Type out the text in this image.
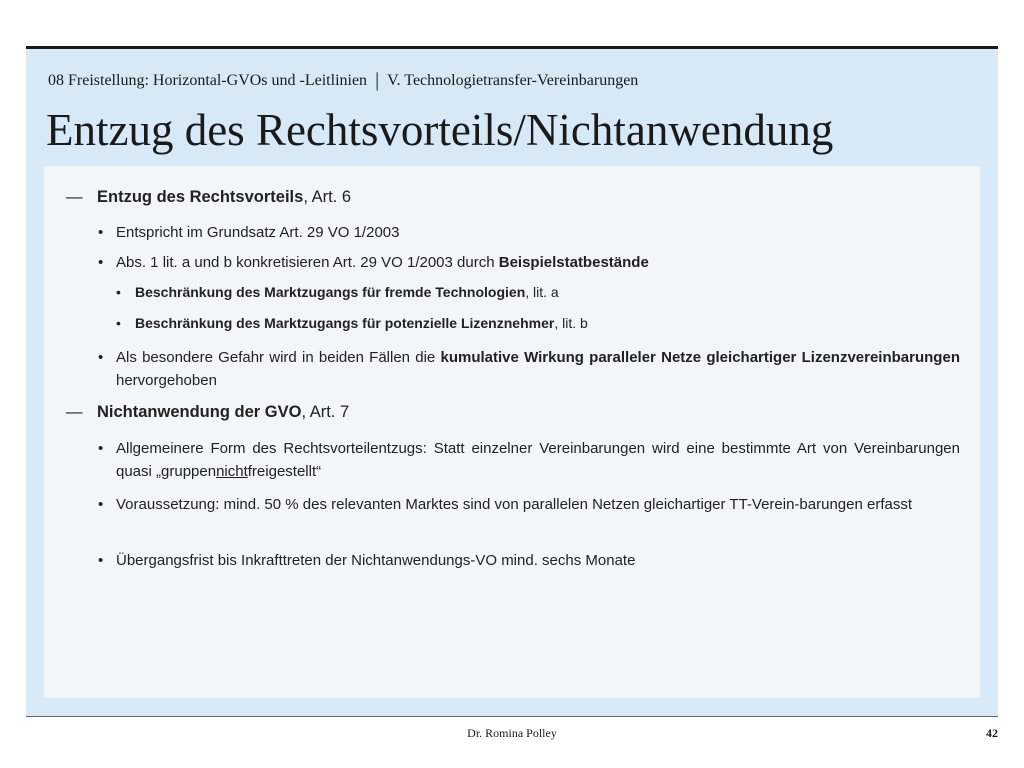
08 Freistellung: Horizontal-GVOs und -Leitlinien | V. Technologietransfer-Vereinbarungen
Entzug des Rechtsvorteils/Nichtanwendung
— Entzug des Rechtsvorteils, Art. 6
• Entspricht im Grundsatz Art. 29 VO 1/2003
• Abs. 1 lit. a und b konkretisieren Art. 29 VO 1/2003 durch Beispielstatbestände
• Beschränkung des Marktzugangs für fremde Technologien, lit. a
• Beschränkung des Marktzugangs für potenzielle Lizenznehmer, lit. b
• Als besondere Gefahr wird in beiden Fällen die kumulative Wirkung paralleler Netze gleichartiger Lizenzvereinbarungen hervorgehoben
— Nichtanwendung der GVO, Art. 7
• Allgemeinere Form des Rechtsvorteilentzugs: Statt einzelner Vereinbarungen wird eine bestimmte Art von Vereinbarungen quasi „gruppennichtfreigestellt“
• Voraussetzung: mind. 50 % des relevanten Marktes sind von parallelen Netzen gleichartiger TT-Verein-barungen erfasst
• Übergangsfrist bis Inkrafttreten der Nichtanwendungs-VO mind. sechs Monate
Dr. Romina Polley	42
